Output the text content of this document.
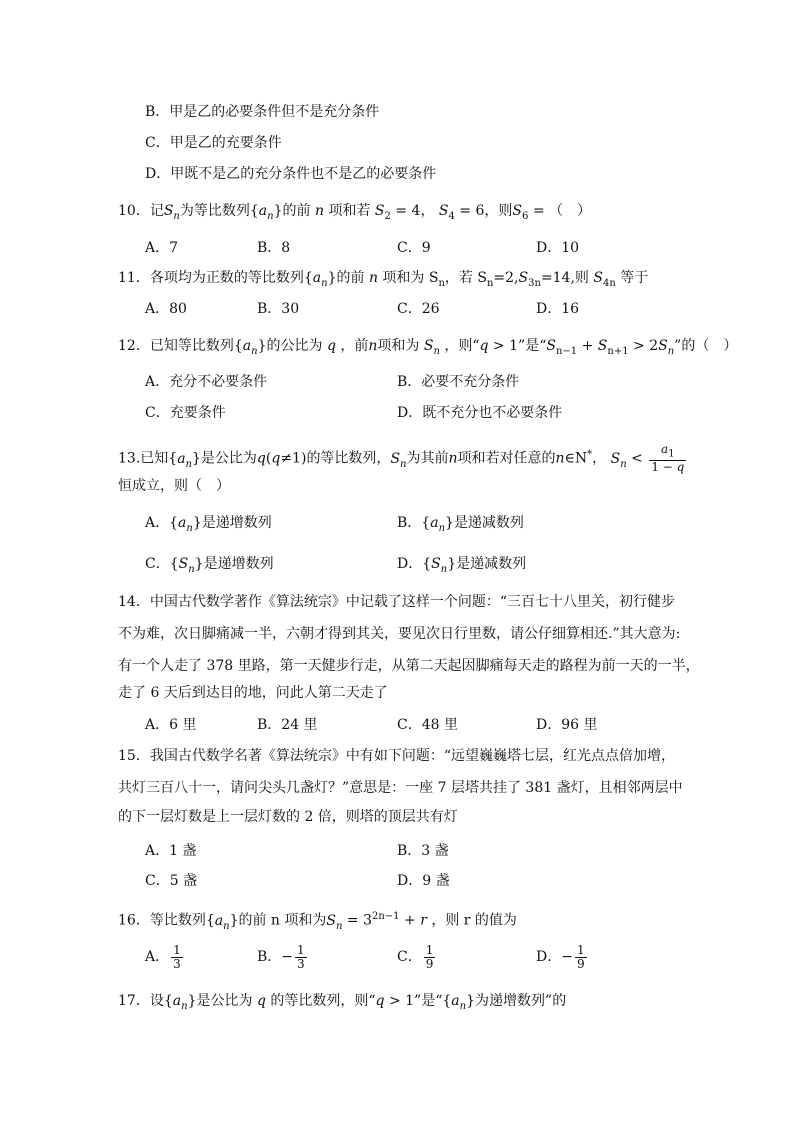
B．甲是乙的必要条件但不是充分条件
C．甲是乙的充要条件
D．甲既不是乙的充分条件也不是乙的必要条件
10．记$S_n$为等比数列$\{a_n\}$的前 n 项和若 $S_2 = 4$， $S_4 = 6$，则$S_6$ = （　）
A．7	B．8	C．9	D．10
11．各项均为正数的等比数列$\{a_n\}$的前 n 项和为 $S_n$，若 $S_n=2,S_{3n}=14$,则 $S_{4n}$ 等于
A．80	B．30	C．26	D．16
12．已知等比数列$\{a_n\}$的公比为 q ，前n项和为 $S_n$ ，则“q > 1”是“$S_{n-1} + S_{n+1} > 2S_n$”的（　）
A．充分不必要条件	B．必要不充分条件
C．充要条件	D．既不充分也不必要条件
13.已知$\{a_n\}$是公比为q(q≠1)的等比数列，$S_n$为其前n项和若对任意的n∈N*， $S_n < \frac{a_1}{1 - q}$
恒成立，则（　）
A．$\{a_n\}$是递增数列	B．$\{a_n\}$是递减数列
C．$\{S_n\}$是递增数列	D．$\{S_n\}$是递减数列
14．中国古代数学著作《算法统宗》中记载了这样一个问题：“三百七十八里关，初行健步
不为难，次日脚痛减一半，六朝才得到其关，要见次日行里数，请公仔细算相还.”其大意为:
有一个人走了 378 里路，第一天健步行走，从第二天起因脚痛每天走的路程为前一天的一半，
走了 6 天后到达目的地，问此人第二天走了
A．6 里	B．24 里	C．48 里	D．96 里
15．我国古代数学名著《算法统宗》中有如下问题：“远望巍巍塔七层，红光点点倍加增，
共灯三百八十一，请问尖头几盏灯？”意思是：一座 7 层塔共挂了 381 盏灯，且相邻两层中
的下一层灯数是上一层灯数的 2 倍，则塔的顶层共有灯
A．1 盏	B．3 盏
C．5 盏	D．9 盏
16．等比数列$\{a_n\}$的前 n 项和为$S_n = 3^{2n-1} + r$ ，则 r 的值为
A． $\frac{1}{3}$	B．− $\frac{1}{3}$	C． $\frac{1}{9}$	D．− $\frac{1}{9}$
17．设$\{a_n\}$是公比为 q 的等比数列，则“q > 1”是“$\{a_n\}$为递增数列”的
